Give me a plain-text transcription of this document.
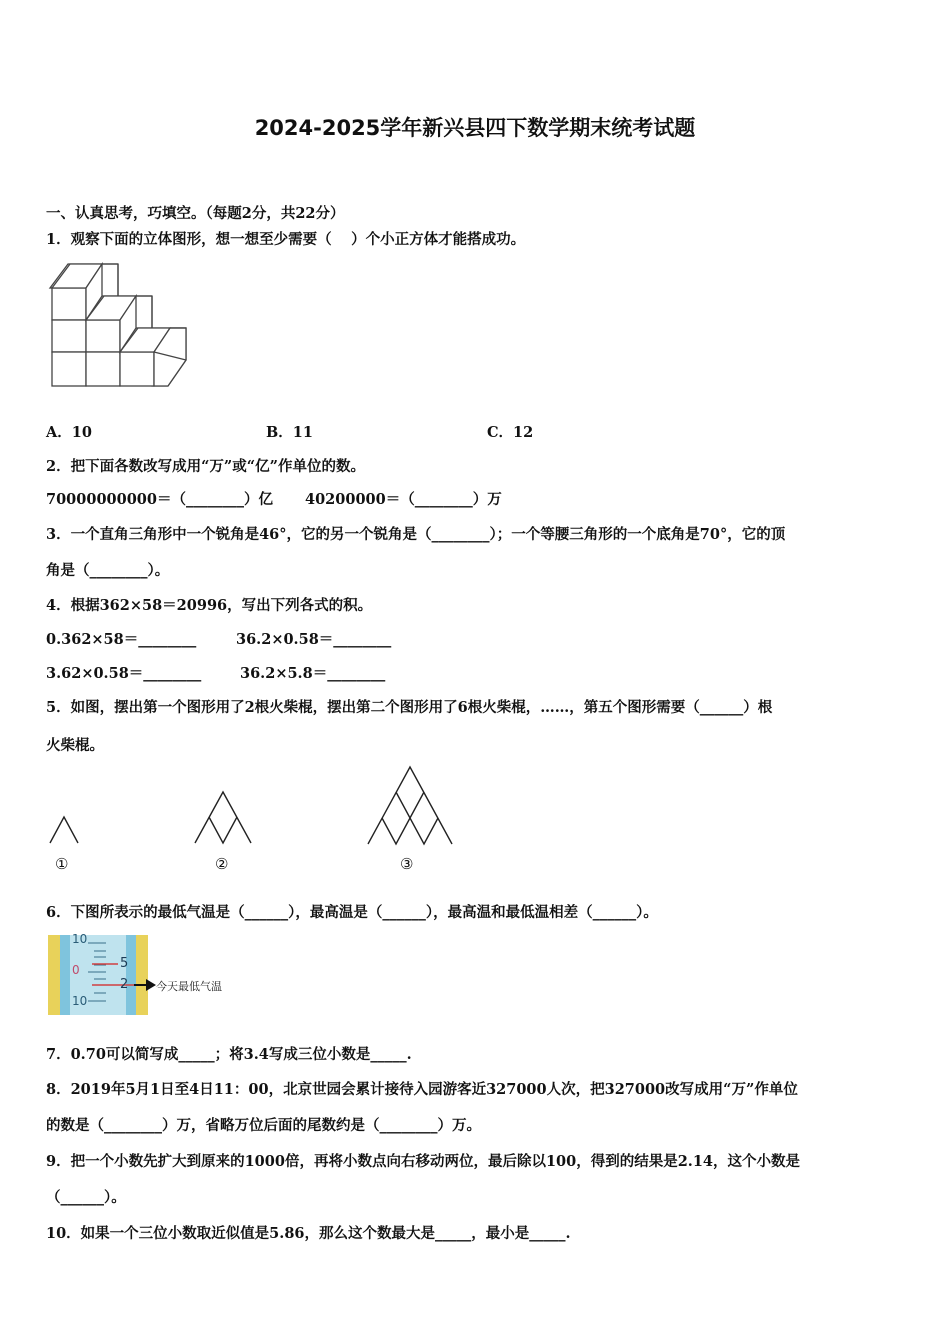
2024-2025学年新兴县四下数学期末统考试题
一、认真思考，巧填空。（每题2分，共22分）
1．观察下面的立体图形，想一想至少需要（　 ）个小正方体才能搭成功。
A．10	B．11	C．12
2．把下面各数改写成用“万”或“亿”作单位的数。
70000000000＝（________）亿 40200000＝（________）万
3．一个直角三角形中一个锐角是46°，它的另一个锐角是（________）；一个等腰三角形的一个底角是70°，它的顶
角是（________）。
4．根据362×58＝20996，写出下列各式的积。
0.362×58＝________	36.2×0.58＝________
3.62×0.58＝________	36.2×5.8＝________
5．如图，摆出第一个图形用了2根火柴棍，摆出第二个图形用了6根火柴棍，……，第五个图形需要（______）根
火柴棍。
①	②	③
6．下图所表示的最低气温是（______），最高温是（______），最高温和最低温相差（______）。
10
0
10
5
2	今天最低气温
7．0.70可以简写成_____；将3.4写成三位小数是_____.
8．2019年5月1日至4日11：00，北京世园会累计接待入园游客近327000人次，把327000改写成用“万”作单位
的数是（________）万，省略万位后面的尾数约是（________）万。
9．把一个小数先扩大到原来的1000倍，再将小数点向右移动两位，最后除以100，得到的结果是2.14，这个小数是
（______）。
10．如果一个三位小数取近似值是5.86，那么这个数最大是_____，最小是_____.
